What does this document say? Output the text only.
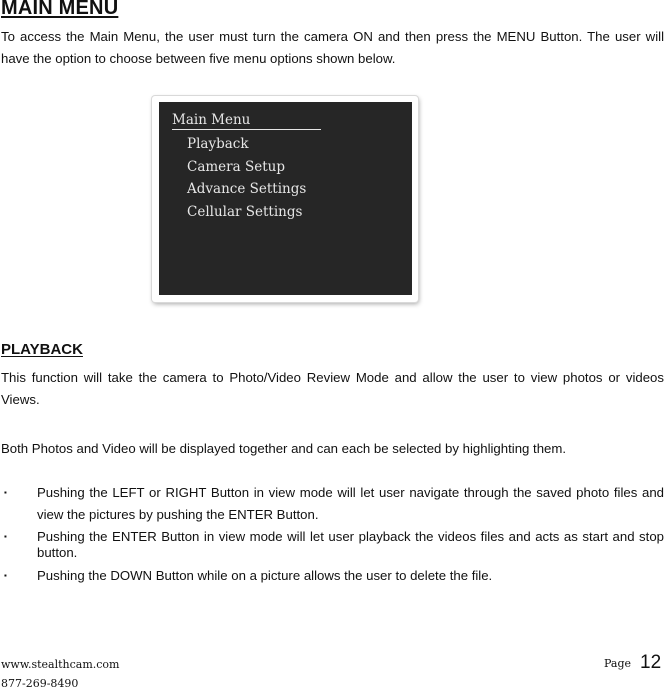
MAIN MENU

To access the Main Menu, the user must turn the camera ON and then press the MENU Button. The user will have the option to choose between five menu options shown below.

Main Menu
Playback
Camera Setup
Advance Settings
Cellular Settings
PLAYBACK

This function will take the camera to Photo/Video Review Mode and allow the user to view photos or videos Views.

Both Photos and Video will be displayed together and can each be selected by highlighting them.

▪ Pushing the LEFT or RIGHT Button in view mode will let user navigate through the saved photo files and view the pictures by pushing the ENTER Button.
▪ Pushing the ENTER Button in view mode will let user playback the videos files and acts as start and stop button.
▪ Pushing the DOWN Button while on a picture allows the user to delete the file.
www.stealthcam.com
877-269-8490
Page 12
